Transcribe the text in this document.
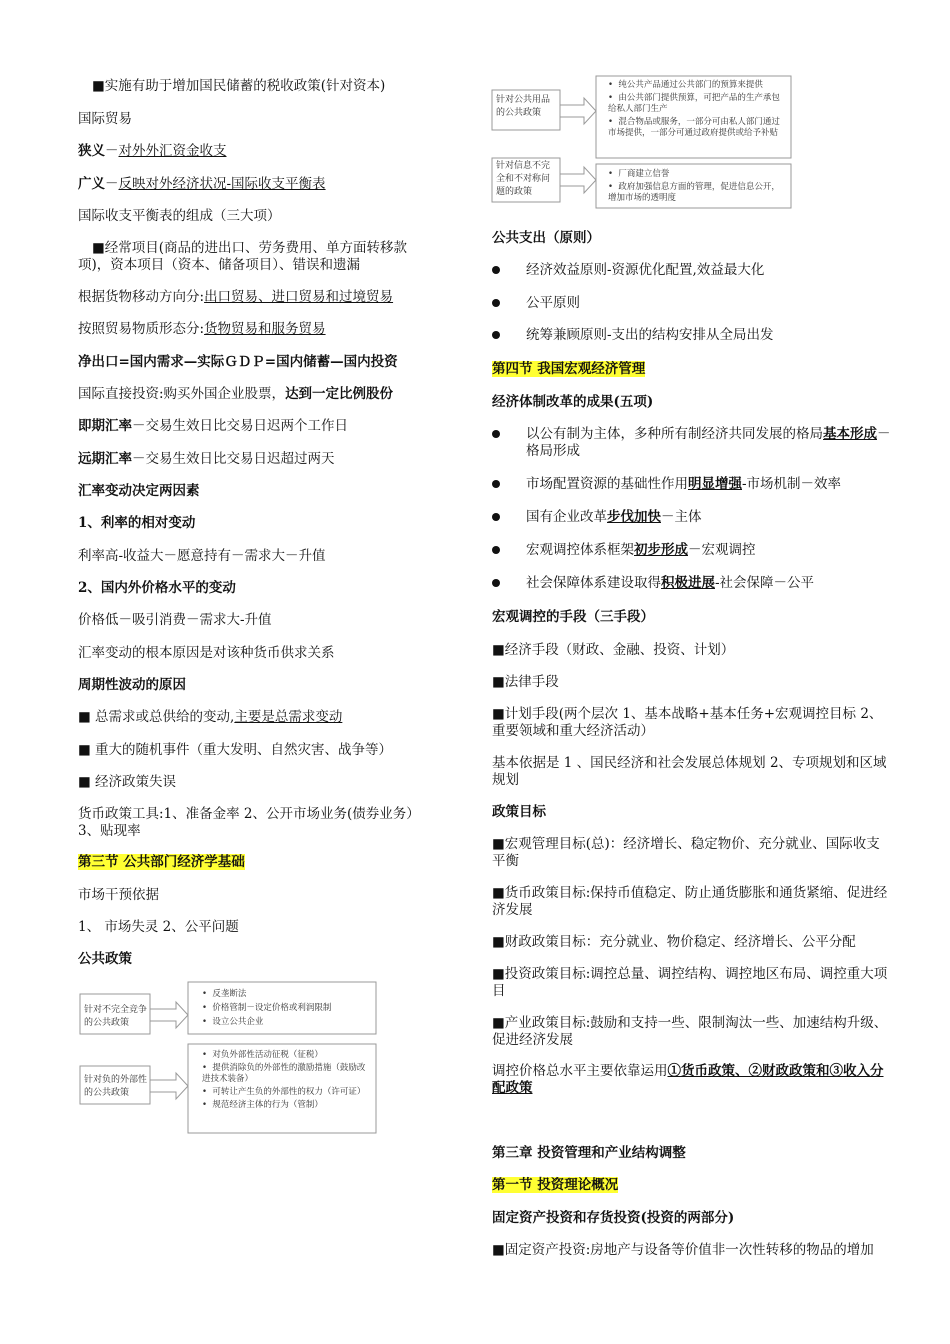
■实施有助于增加国民储蓄的税收政策(针对资本)
国际贸易
狭义－对外外汇资金收支
广义－反映对外经济状况-国际收支平衡表
国际收支平衡表的组成（三大项）
■经常项目(商品的进出口、劳务费用、单方面转移款项)，资本项目（资本、储备项目）、错误和遗漏
根据货物移动方向分:出口贸易、进口贸易和过境贸易
按照贸易物质形态分:货物贸易和服务贸易
净出口=国内需求—实际ＧＤＰ=国内储蓄—国内投资
国际直接投资:购买外国企业股票，达到一定比例股份
即期汇率－交易生效日比交易日迟两个工作日
远期汇率－交易生效日比交易日迟超过两天
汇率变动决定两因素
1、利率的相对变动
利率高-收益大－愿意持有－需求大－升值
2、国内外价格水平的变动
价格低－吸引消费－需求大-升值
汇率变动的根本原因是对该种货币供求关系
周期性波动的原因
■ 总需求或总供给的变动,主要是总需求变动
■ 重大的随机事件（重大发明、自然灾害、战争等）
■ 经济政策失误
货币政策工具:1、准备金率 2、公开市场业务(债券业务）3、贴现率
第三节 公共部门经济学基础
市场干预依据
1、 市场失灵 2、公平问题
公共政策
针对不完全竞争的公共政策
•  反垄断法
•  价格管制－设定价格或利润限制
•  设立公共企业
针对负的外部性的公共政策
•  对负外部性活动征税（征税）
•  提供消除负的外部性的激励措施（鼓励改进技术装备）
•  可转让产生负的外部性的权力（许可证）
•  规范经济主体的行为（管制）
针对公共用品的公共政策
•  纯公共产品通过公共部门的预算来提供
•  由公共部门提供预算，可把产品的生产承包给私人部门生产
•  混合物品或服务，一部分可由私人部门通过市场提供，一部分可通过政府提供或给予补贴
针对信息不完全和不对称问题的政策
•  厂商建立信誉
•  政府加强信息方面的管理，促进信息公开，增加市场的透明度
公共支出（原则）
经济效益原则-资源优化配置,效益最大化
公平原则
统筹兼顾原则-支出的结构安排从全局出发
第四节 我国宏观经济管理
经济体制改革的成果(五项)
以公有制为主体，多种所有制经济共同发展的格局基本形成－格局形成
市场配置资源的基础性作用明显增强-市场机制－效率
国有企业改革步伐加快－主体
宏观调控体系框架初步形成－宏观调控
社会保障体系建设取得积极进展-社会保障－公平
宏观调控的手段（三手段）
■经济手段（财政、金融、投资、计划）
■法律手段
■计划手段(两个层次 1、基本战略+基本任务+宏观调控目标 2、重要领域和重大经济活动）
基本依据是 1 、国民经济和社会发展总体规划 2、专项规划和区域规划
政策目标
■宏观管理目标(总)：经济增长、稳定物价、充分就业、国际收支平衡
■货币政策目标:保持币值稳定、防止通货膨胀和通货紧缩、促进经济发展
■财政政策目标：充分就业、物价稳定、经济增长、公平分配
■投资政策目标:调控总量、调控结构、调控地区布局、调控重大项目
■产业政策目标:鼓励和支持一些、限制淘汰一些、加速结构升级、促进经济发展
调控价格总水平主要依靠运用①货币政策、②财政政策和③收入分配政策
第三章 投资管理和产业结构调整
第一节 投资理论概况
固定资产投资和存货投资(投资的两部分)
■固定资产投资:房地产与设备等价值非一次性转移的物品的增加
